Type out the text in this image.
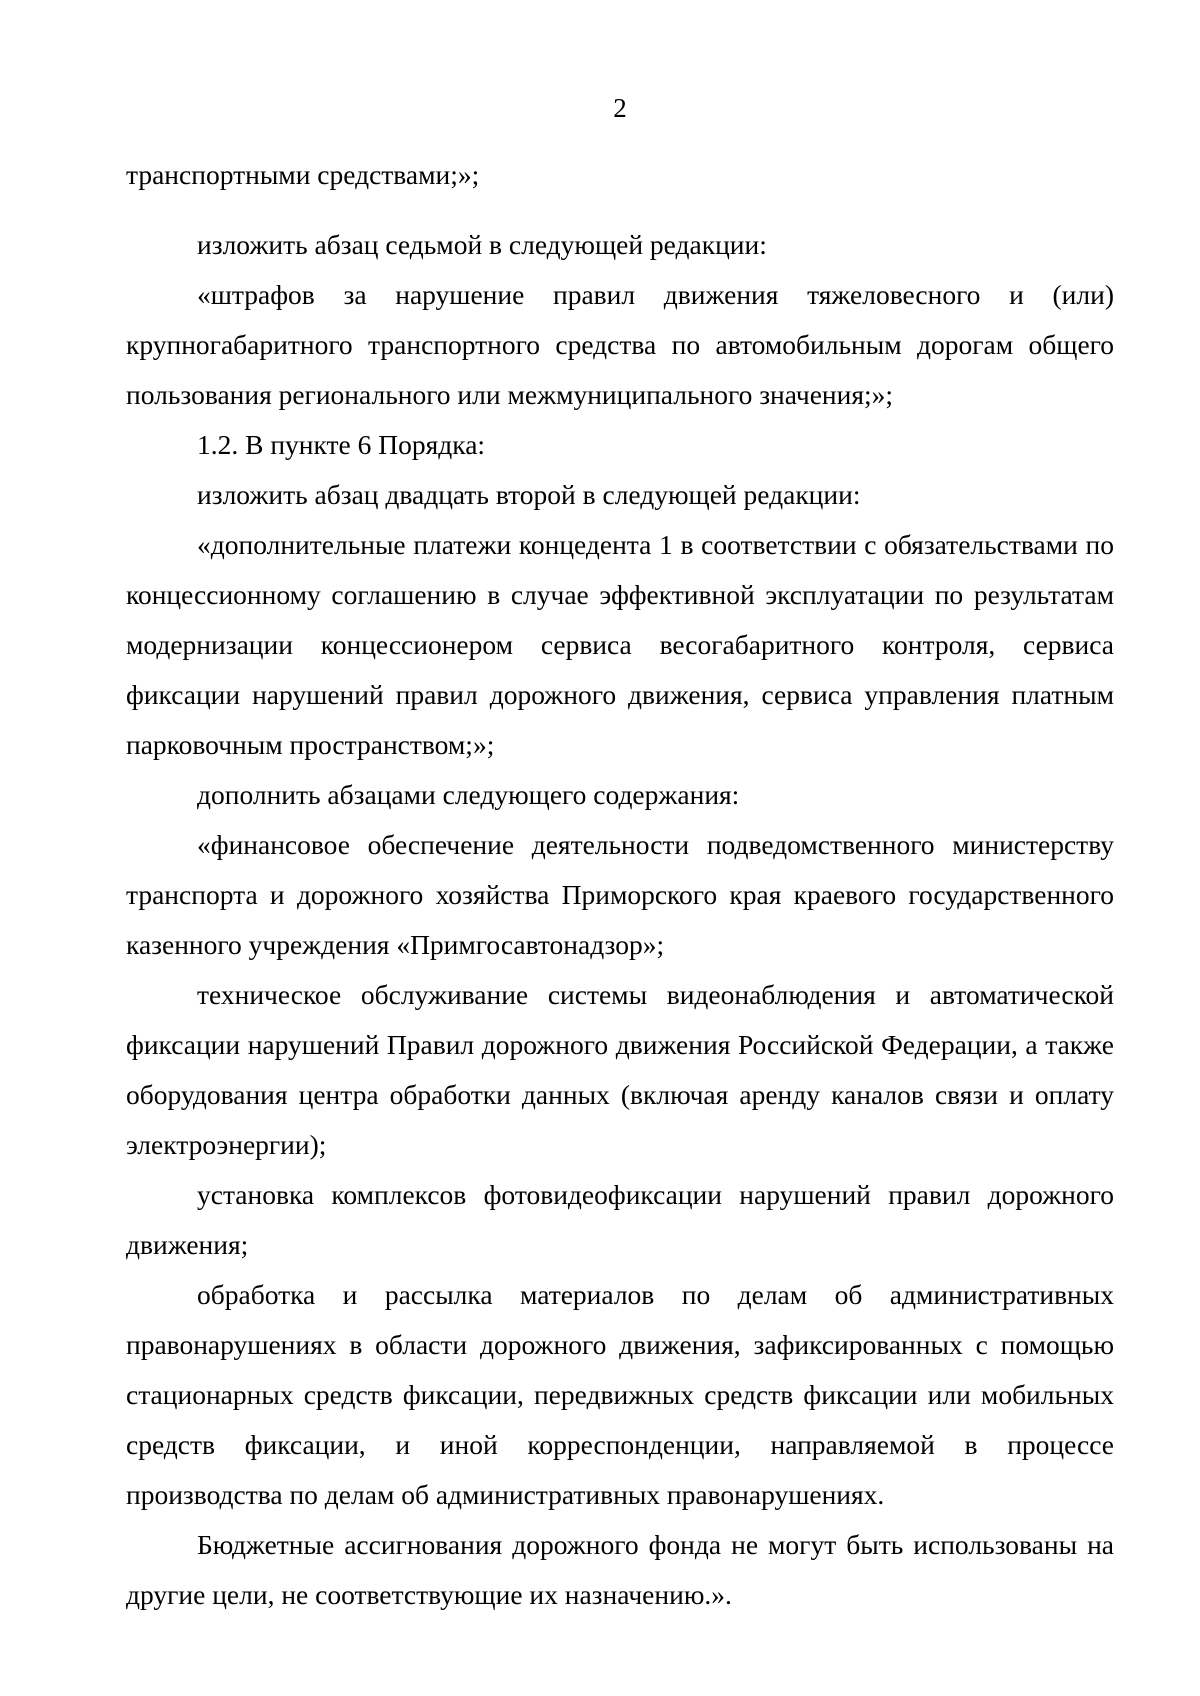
2

транспортными средствами;»;

изложить абзац седьмой в следующей редакции:

«штрафов за нарушение правил движения тяжеловесного и (или) крупногабаритного транспортного средства по автомобильным дорогам общего пользования регионального или межмуниципального значения;»;

1.2. В пункте 6 Порядка:

изложить абзац двадцать второй в следующей редакции:

«дополнительные платежи концедента 1 в соответствии с обязательствами по концессионному соглашению в случае эффективной эксплуатации по результатам модернизации концессионером сервиса весогабаритного контроля, сервиса фиксации нарушений правил дорожного движения, сервиса управления платным парковочным пространством;»;

дополнить абзацами следующего содержания:

«финансовое обеспечение деятельности подведомственного министерству транспорта и дорожного хозяйства Приморского края краевого государственного казенного учреждения «Примгосавтонадзор»;

техническое обслуживание системы видеонаблюдения и автоматической фиксации нарушений Правил дорожного движения Российской Федерации, а также оборудования центра обработки данных (включая аренду каналов связи и оплату электроэнергии);

установка комплексов фотовидеофиксации нарушений правил дорожного движения;

обработка и рассылка материалов по делам об административных правонарушениях в области дорожного движения, зафиксированных с помощью стационарных средств фиксации, передвижных средств фиксации или мобильных средств фиксации, и иной корреспонденции, направляемой в процессе производства по делам об административных правонарушениях.

Бюджетные ассигнования дорожного фонда не могут быть использованы на другие цели, не соответствующие их назначению.».
